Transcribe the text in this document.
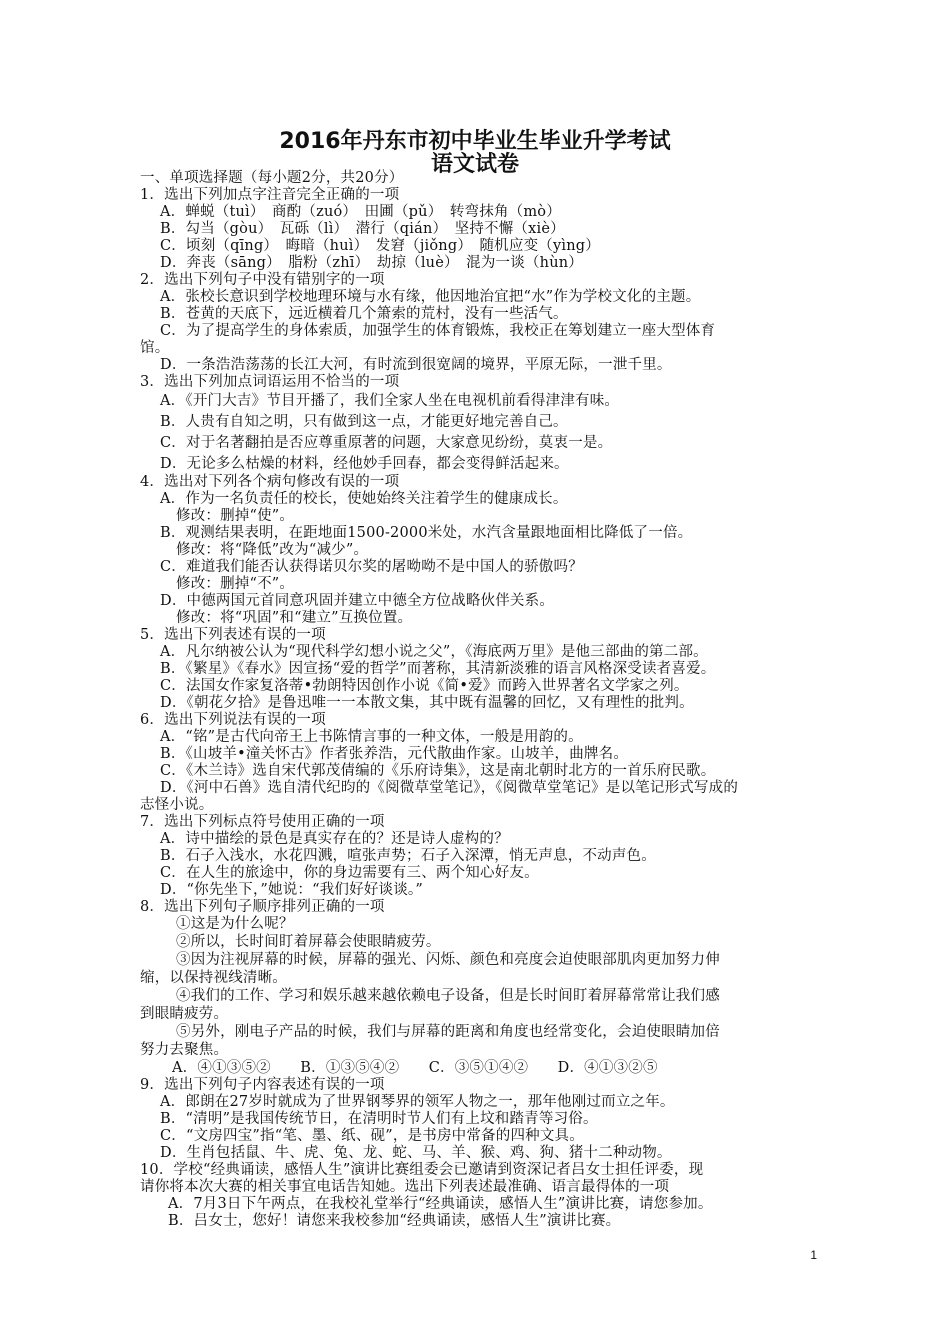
2016年丹东市初中毕业生毕业升学考试
语文试卷
一、单项选择题（每小题2分，共20分）
1．选出下列加点字注音完全正确的一项
A．蝉蜕（tuì）　商酌（zuó）　田圃（pǔ）　转弯抹角（mò）
B．勾当（gòu）　瓦砾（lì）　潜行（qián）　坚持不懈（xiè）
C．顷刻（qīng）　晦暗（huì）　发窘（jiǒng）　随机应变（yìng）
D．奔丧（sāng）　脂粉（zhī）　劫掠（luè）　混为一谈（hùn）
2．选出下列句子中没有错别字的一项
A．张校长意识到学校地理环境与水有缘，他因地治宜把“水”作为学校文化的主题。
B．苍黄的天底下，远近横着几个箫索的荒村，没有一些活气。
C．为了提高学生的身体索质，加强学生的体育锻炼，我校正在筹划建立一座大型体育
馆。
D．一条浩浩荡荡的长江大河，有时流到很宽阔的境界，平原无际，一泄千里。
3．选出下列加点词语运用不恰当的一项
A．《开门大吉》节目开播了，我们全家人坐在电视机前看得津津有味。
B．人贵有自知之明，只有做到这一点，才能更好地完善自己。
C．对于名著翻拍是否应尊重原著的问题，大家意见纷纷，莫衷一是。
D．无论多么枯燥的材料，经他妙手回春，都会变得鲜活起来。
4．选出对下列各个病句修改有误的一项
A．作为一名负责任的校长，使她始终关注着学生的健康成长。
修改：删掉“使”。
B．观测结果表明，在距地面1500-2000米处，水汽含量跟地面相比降低了一倍。
修改：将“降低”改为“减少”。
C．难道我们能否认获得诺贝尔奖的屠呦呦不是中国人的骄傲吗？
修改：删掉“不”。
D．中德两国元首同意巩固并建立中德全方位战略伙伴关系。
修改：将“巩固”和“建立”互换位置。
5．选出下列表述有误的一项
A．凡尔纳被公认为“现代科学幻想小说之父”，《海底两万里》是他三部曲的第二部。
B．《繁星》《春水》因宣扬“爱的哲学”而著称，其清新淡雅的语言风格深受读者喜爱。
C．法国女作家复洛蒂•勃朗特因创作小说《简•爱》而跨入世界著名文学家之列。
D．《朝花夕拾》是鲁迅唯一一本散文集，其中既有温馨的回忆，又有理性的批判。
6．选出下列说法有误的一项
A．“铭”是古代向帝王上书陈情言事的一种文体，一般是用韵的。
B．《山坡羊•潼关怀古》作者张养浩，元代散曲作家。山坡羊，曲牌名。
C．《木兰诗》选自宋代郭茂倩编的《乐府诗集》，这是南北朝时北方的一首乐府民歌。
D．《河中石兽》选自清代纪昀的《阅微草堂笔记》，《阅微草堂笔记》是以笔记形式写成的
志怪小说。
7．选出下列标点符号使用正确的一项
A．诗中描绘的景色是真实存在的？还是诗人虚构的？
B．石子入浅水，水花四溅，喧张声势；石子入深潭，悄无声息，不动声色。
C．在人生的旅途中，你的身边需要有三、两个知心好友。
D．“你先坐下，”她说：“我们好好谈谈。”
8．选出下列句子顺序排列正确的一项
①这是为什么呢？
②所以，长时间盯着屏幕会使眼睛疲劳。
③因为注视屏幕的时候，屏幕的强光、闪烁、颜色和亮度会迫使眼部肌肉更加努力伸
缩，以保持视线清晰。
④我们的工作、学习和娱乐越来越依赖电子设备，但是长时间盯着屏幕常常让我们感
到眼睛疲劳。
⑤另外，刚电子产品的时候，我们与屏幕的距离和角度也经常变化，会迫使眼睛加倍
努力去聚焦。
A．④①③⑤②　　B．①③⑤④②　　C．③⑤①④②　　D．④①③②⑤
9．选出下列句子内容表述有误的一项
A．郎朗在27岁时就成为了世界钢琴界的领军人物之一，那年他刚过而立之年。
B．“清明”是我国传统节日，在清明时节人们有上坟和踏青等习俗。
C．“文房四宝”指“笔、墨、纸、砚”，是书房中常备的四种文具。
D．生肖包括鼠、牛、虎、兔、龙、蛇、马、羊、猴、鸡、狗、猪十二种动物。
10．学校“经典诵读，感悟人生”演讲比赛组委会已邀请到资深记者吕女士担任评委，现
请你将本次大赛的相关事宜电话告知她。选出下列表述最准确、语言最得体的一项
A．7月3日下午两点，在我校礼堂举行“经典诵读，感悟人生”演讲比赛，请您参加。
B．吕女士，您好！请您来我校参加“经典诵读，感悟人生”演讲比赛。
1
